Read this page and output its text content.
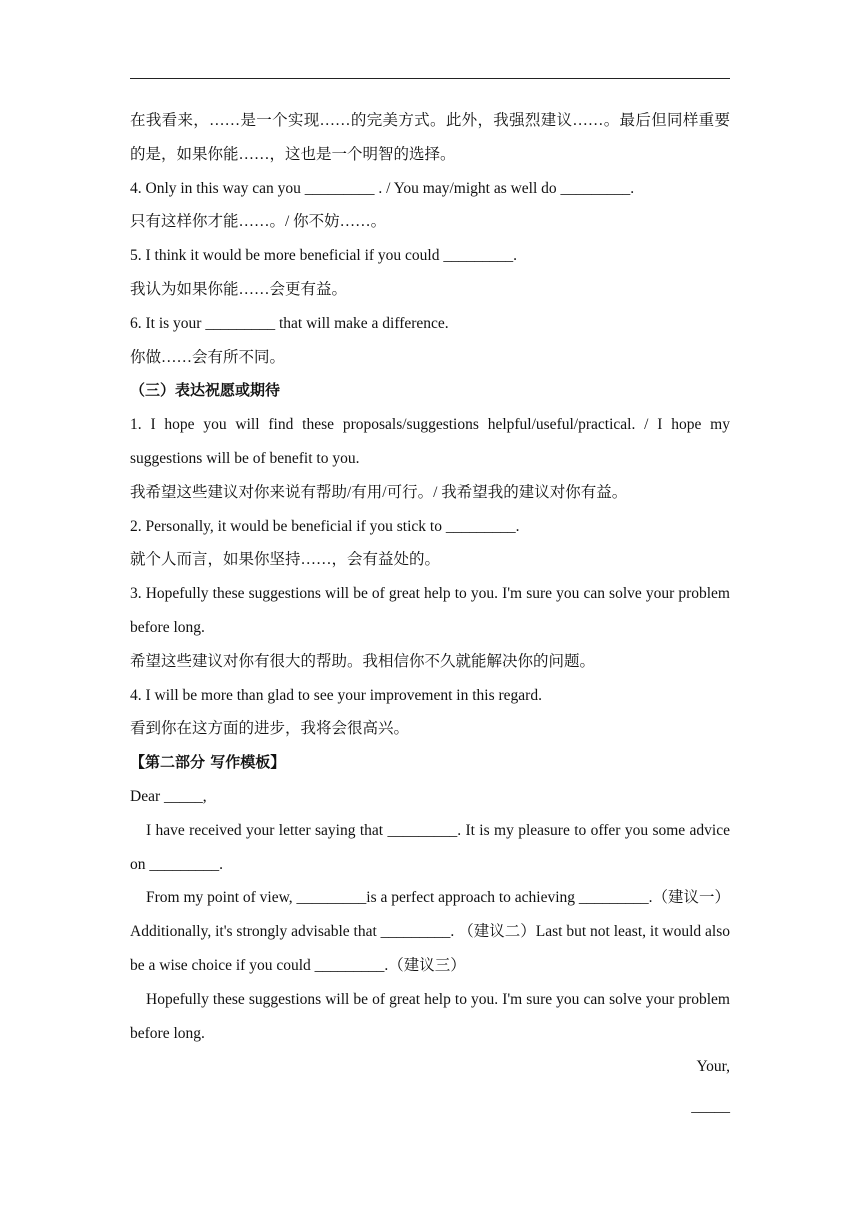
在我看来，……是一个实现……的完美方式。此外，我强烈建议……。最后但同样重要的是，如果你能……，这也是一个明智的选择。

4. Only in this way can you _________ . / You may/might as well do _________.

只有这样你才能……。/ 你不妨……。

5. I think it would be more beneficial if you could _________.

我认为如果你能……会更有益。

6. It is your _________ that will make a difference.

你做……会有所不同。

（三）表达祝愿或期待

1. I hope you will find these proposals/suggestions helpful/useful/practical. / I hope my suggestions will be of benefit to you.

我希望这些建议对你来说有帮助/有用/可行。/ 我希望我的建议对你有益。

2. Personally, it would be beneficial if you stick to _________.

就个人而言，如果你坚持……，会有益处的。

3. Hopefully these suggestions will be of great help to you. I'm sure you can solve your problem before long.

希望这些建议对你有很大的帮助。我相信你不久就能解决你的问题。

4. I will be more than glad to see your improvement in this regard.

看到你在这方面的进步，我将会很高兴。

【第二部分 写作模板】

Dear _____,

I have received your letter saying that _________. It is my pleasure to offer you some advice on _________.

From my point of view, _________is a perfect approach to achieving _________.（建议一）Additionally, it's strongly advisable that _________. （建议二）Last but not least, it would also be a wise choice if you could _________.（建议三）

Hopefully these suggestions will be of great help to you. I'm sure you can solve your problem before long.

Your,

_____
